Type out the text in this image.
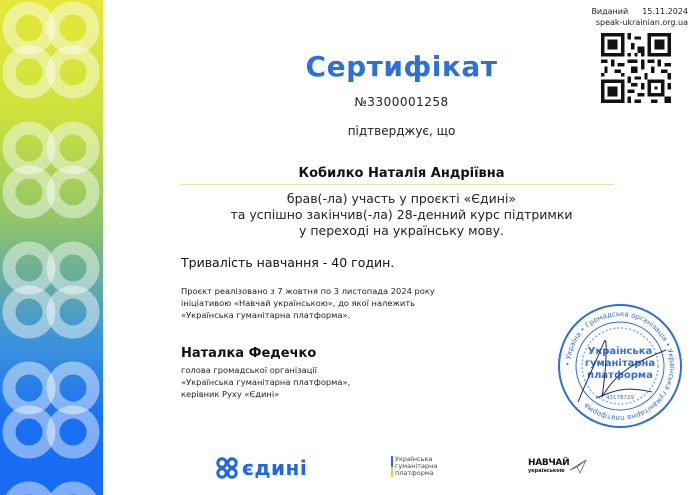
Виданий 15.11.2024
speak-ukrainian.org.ua
Сертифікат
№3300001258
підтверджує, що
Кобилко Наталія Андріївна
брав(-ла) участь у проєкті «Єдині»
та успішно закінчив(-ла) 28-денний курс підтримки
у переході на українську мову.
Тривалість навчання - 40 годин.
Проєкт реалізовано з 7 жовтня по 3 листопада 2024 року
ініціативою «Навчай українською», до якої належить
«Українська гуманітарна платформа».
Наталка Федечко
голова громадської організації
«Українська гуманітарна платформа»,
керівник Руху «Єдині»
• Україна • Громадська організація • Українська гуманітарна платформа
Українська
гуманітарна
платформа
43178729
єдині	Українська
гуманітарна
платформа
НАВЧАЙ
українською
